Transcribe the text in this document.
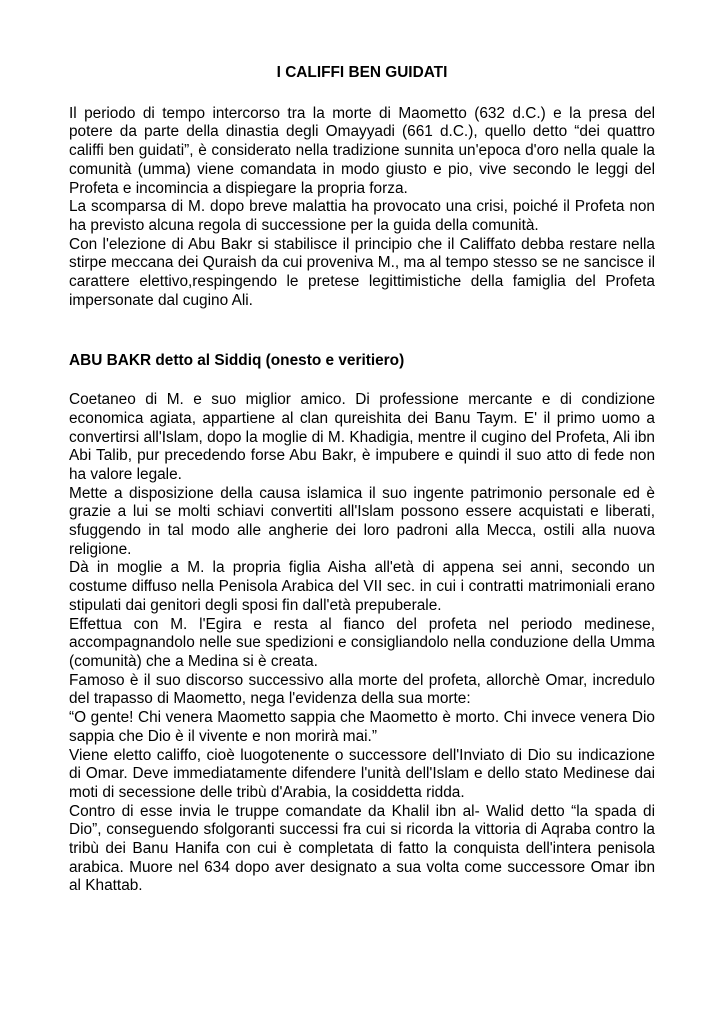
I CALIFFI BEN GUIDATI

Il periodo di tempo intercorso tra la morte di Maometto (632 d.C.) e la presa del potere da parte della dinastia degli Omayyadi (661 d.C.), quello detto “dei quattro califfi ben guidati”, è considerato nella tradizione sunnita un'epoca d'oro nella quale la comunità (umma) viene comandata in modo giusto e pio, vive secondo le leggi del Profeta e incomincia a dispiegare la propria forza.

La scomparsa di M. dopo breve malattia ha provocato una crisi, poiché il Profeta non ha previsto alcuna regola di successione per la guida della comunità.

Con l'elezione di Abu Bakr si stabilisce il principio che il Califfato debba restare nella stirpe meccana dei Quraish da cui proveniva M., ma al tempo stesso se ne sancisce il carattere elettivo,respingendo le pretese legittimistiche della famiglia del Profeta impersonate dal cugino Ali.

ABU BAKR detto al Siddiq (onesto e veritiero)

Coetaneo di M. e suo miglior amico. Di professione mercante e di condizione economica agiata, appartiene al clan qureishita dei Banu Taym. E' il primo uomo a convertirsi all'Islam, dopo la moglie di M. Khadigia, mentre il cugino del Profeta, Ali ibn Abi Talib, pur precedendo forse Abu Bakr, è impubere e quindi il suo atto di fede non ha valore legale.

Mette a disposizione della causa islamica il suo ingente patrimonio personale ed è grazie a lui se molti schiavi convertiti all'Islam possono essere acquistati e liberati, sfuggendo in tal modo alle angherie dei loro padroni alla Mecca, ostili alla nuova religione.

Dà in moglie a M. la propria figlia Aisha all'età di appena sei anni, secondo un costume diffuso nella Penisola Arabica del VII sec. in cui i contratti matrimoniali erano stipulati dai genitori degli sposi fin dall'età prepuberale.

Effettua con M. l'Egira e resta al fianco del profeta nel periodo medinese, accompagnandolo nelle sue spedizioni e consigliandolo nella conduzione della Umma (comunità) che a Medina si è creata.

Famoso è il suo discorso successivo alla morte del profeta, allorchè Omar, incredulo del trapasso di Maometto, nega l'evidenza della sua morte:

“O gente! Chi venera Maometto sappia che Maometto è morto. Chi invece venera Dio sappia che Dio è il vivente e non morirà mai.”

Viene eletto califfo, cioè luogotenente o successore dell'Inviato di Dio su indicazione di Omar. Deve immediatamente difendere l'unità dell'Islam e dello stato Medinese dai moti di secessione delle tribù d'Arabia, la cosiddetta ridda.

Contro di esse invia le truppe comandate da Khalil ibn al- Walid detto “la spada di Dio”, conseguendo sfolgoranti successi fra cui si ricorda la vittoria di Aqraba contro la tribù dei Banu Hanifa con cui è completata di fatto la conquista dell'intera penisola arabica. Muore nel 634 dopo aver designato a sua volta come successore Omar ibn al Khattab.
